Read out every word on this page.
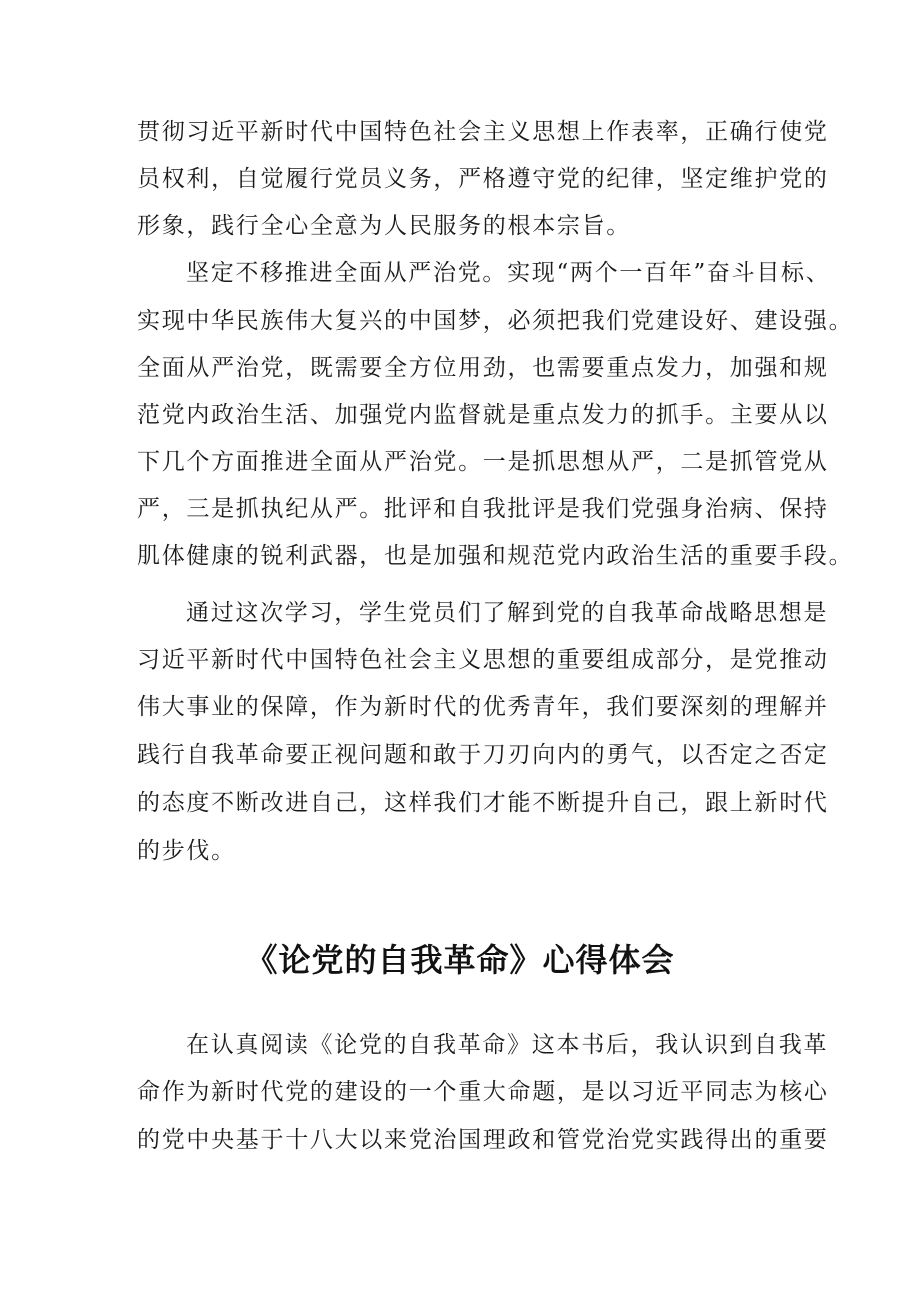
贯彻习近平新时代中国特色社会主义思想上作表率，正确行使党
员权利，自觉履行党员义务，严格遵守党的纪律，坚定维护党的
形象，践行全心全意为人民服务的根本宗旨。
坚定不移推进全面从严治党。实现“两个一百年”奋斗目标、
实现中华民族伟大复兴的中国梦，必须把我们党建设好、建设强。
全面从严治党，既需要全方位用劲，也需要重点发力，加强和规
范党内政治生活、加强党内监督就是重点发力的抓手。主要从以
下几个方面推进全面从严治党。一是抓思想从严，二是抓管党从
严，三是抓执纪从严。批评和自我批评是我们党强身治病、保持
肌体健康的锐利武器，也是加强和规范党内政治生活的重要手段。
通过这次学习，学生党员们了解到党的自我革命战略思想是
习近平新时代中国特色社会主义思想的重要组成部分，是党推动
伟大事业的保障，作为新时代的优秀青年，我们要深刻的理解并
践行自我革命要正视问题和敢于刀刃向内的勇气，以否定之否定
的态度不断改进自己，这样我们才能不断提升自己，跟上新时代
的步伐。
《论党的自我革命》心得体会
在认真阅读《论党的自我革命》这本书后，我认识到自我革
命作为新时代党的建设的一个重大命题，是以习近平同志为核心
的党中央基于十八大以来党治国理政和管党治党实践得出的重要
